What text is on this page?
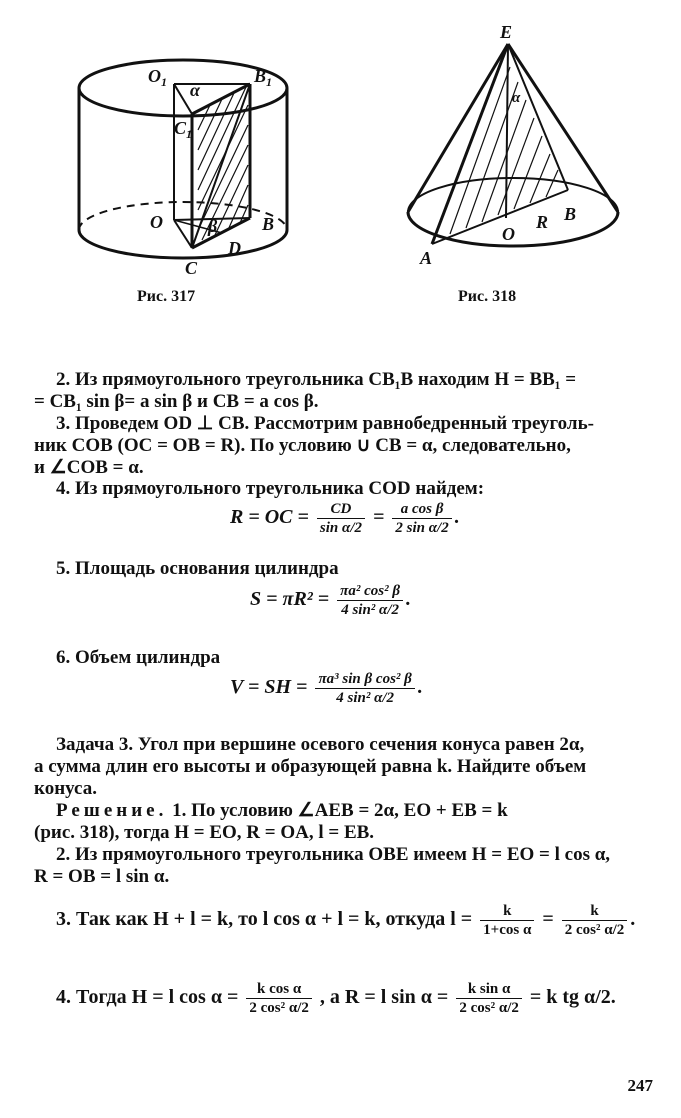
$O_1$ α
$B_1$
$C_1$
O	β B
D
C
Рис. 317
E
α
A
O
R B
Рис. 318

2. Из прямоугольного треугольника CB₁B находим H = BB₁ =

= CB₁ sin β= a sin β и CB = a cos β.

3. Проведем OD ⊥ CB. Рассмотрим равнобедренный треуголь-

ник COB (OC = OB = R). По условию ∪ CB = α, следовательно,

и ∠COB = α.

4. Из прямоугольного треугольника COD найдем:

R = OC = $\frac{CD}{\text{sin α/2}} = \frac{\text{a cos β}}{\text{2 sin α/2}}$ .

5. Площадь основания цилиндра

$S = \pi R^2 = \frac{\text{πa² cos² β}}{\text{4 sin² α/2}}$ .

6. Объем цилиндра

V = SH = $\frac{\text{πa³ sin β cos² β}}{\text{4 sin² α/2}}$ .

Задача 3. Угол при вершине осевого сечения конуса равен 2α,

а сумма длин его высоты и образующей равна k. Найдите объем

конуса.

Решение. 1. По условию ∠AEB = 2α, EO + EB = k

(рис. 318), тогда H = EO, R = OA, l = EB.

2. Из прямоугольного треугольника OBE имеем H = EO = l cos α,

R = OB = l sin α.

3. Так как H + l = k, то l cos α + l = k, откуда $l = \frac{k}{\text{1+cos α}} = \frac{k}{\text{2 cos² α/2}}$ .
4. Тогда H = l $\cos \alpha = \frac{\text{k cos α}}{\text{2 cos² α/2}}$ , а R = l $\sin \alpha = \frac{\text{k sin α}}{\text{2 cos² α/2}} = k$ tg α/2.
247
